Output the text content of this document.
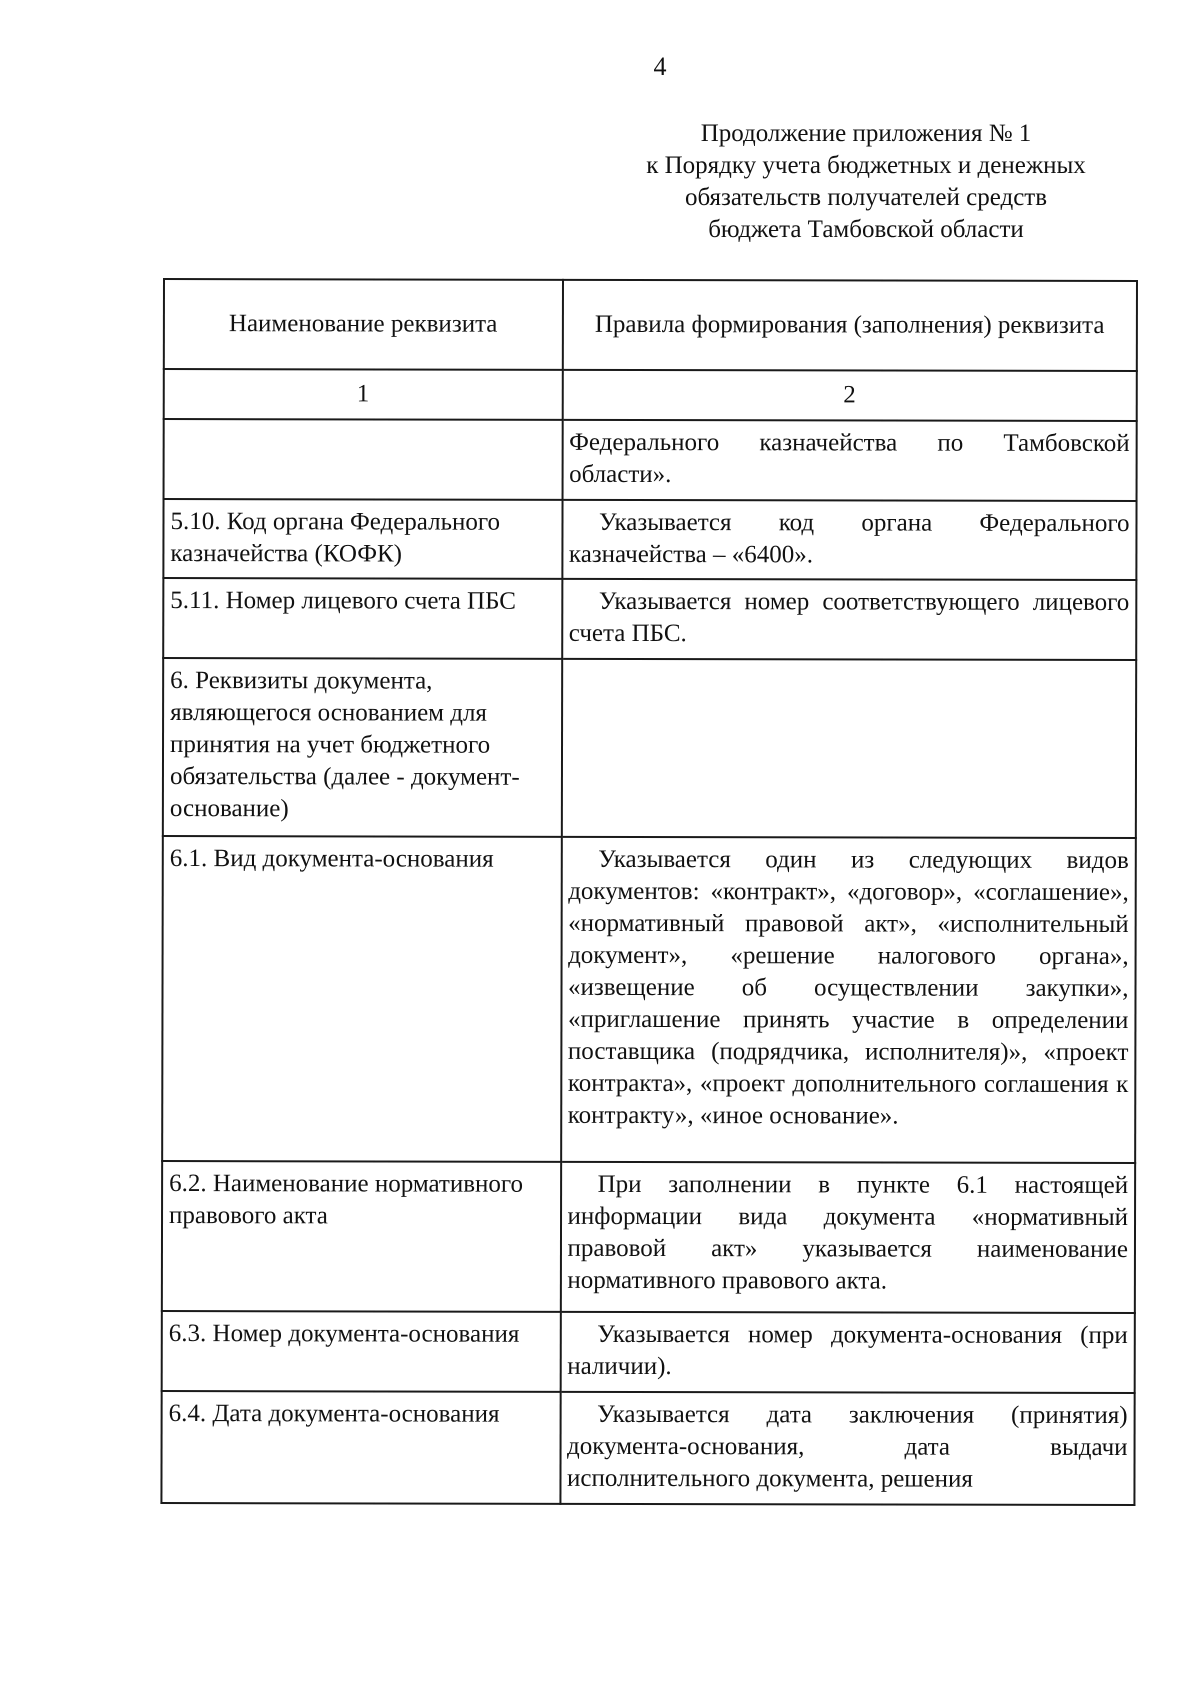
4
Продолжение приложения № 1
к Порядку учета бюджетных и денежных
обязательств получателей средств
бюджета Тамбовской области
Наименование реквизита	Правила формирования (заполнения) реквизита
1	2
	Федерального казначейства по Тамбовской области».
5.10. Код органа Федерального казначейства (КОФК)	Указывается код органа Федерального казначейства – «6400».
5.11. Номер лицевого счета ПБС	Указывается номер соответствующего лицевого счета ПБС.
6. Реквизиты документа, являющегося основанием для принятия на учет бюджетного обязательства (далее - документ-основание)	
6.1. Вид документа-основания	Указывается один из следующих видов документов: «контракт», «договор», «соглашение», «нормативный правовой акт», «исполнительный документ», «решение налогового органа», «извещение об осуществлении закупки», «приглашение принять участие в определении поставщика (подрядчика, исполнителя)», «проект контракта», «проект дополнительного соглашения к контракту», «иное основание».
6.2. Наименование нормативного правового акта	При заполнении в пункте 6.1 настоящей информации вида документа «нормативный правовой акт» указывается наименование нормативного правового акта.
6.3. Номер документа-основания	Указывается номер документа-основания (при наличии).
6.4. Дата документа-основания	Указывается дата заключения (принятия) документа-основания, дата выдачи исполнительного документа, решения
